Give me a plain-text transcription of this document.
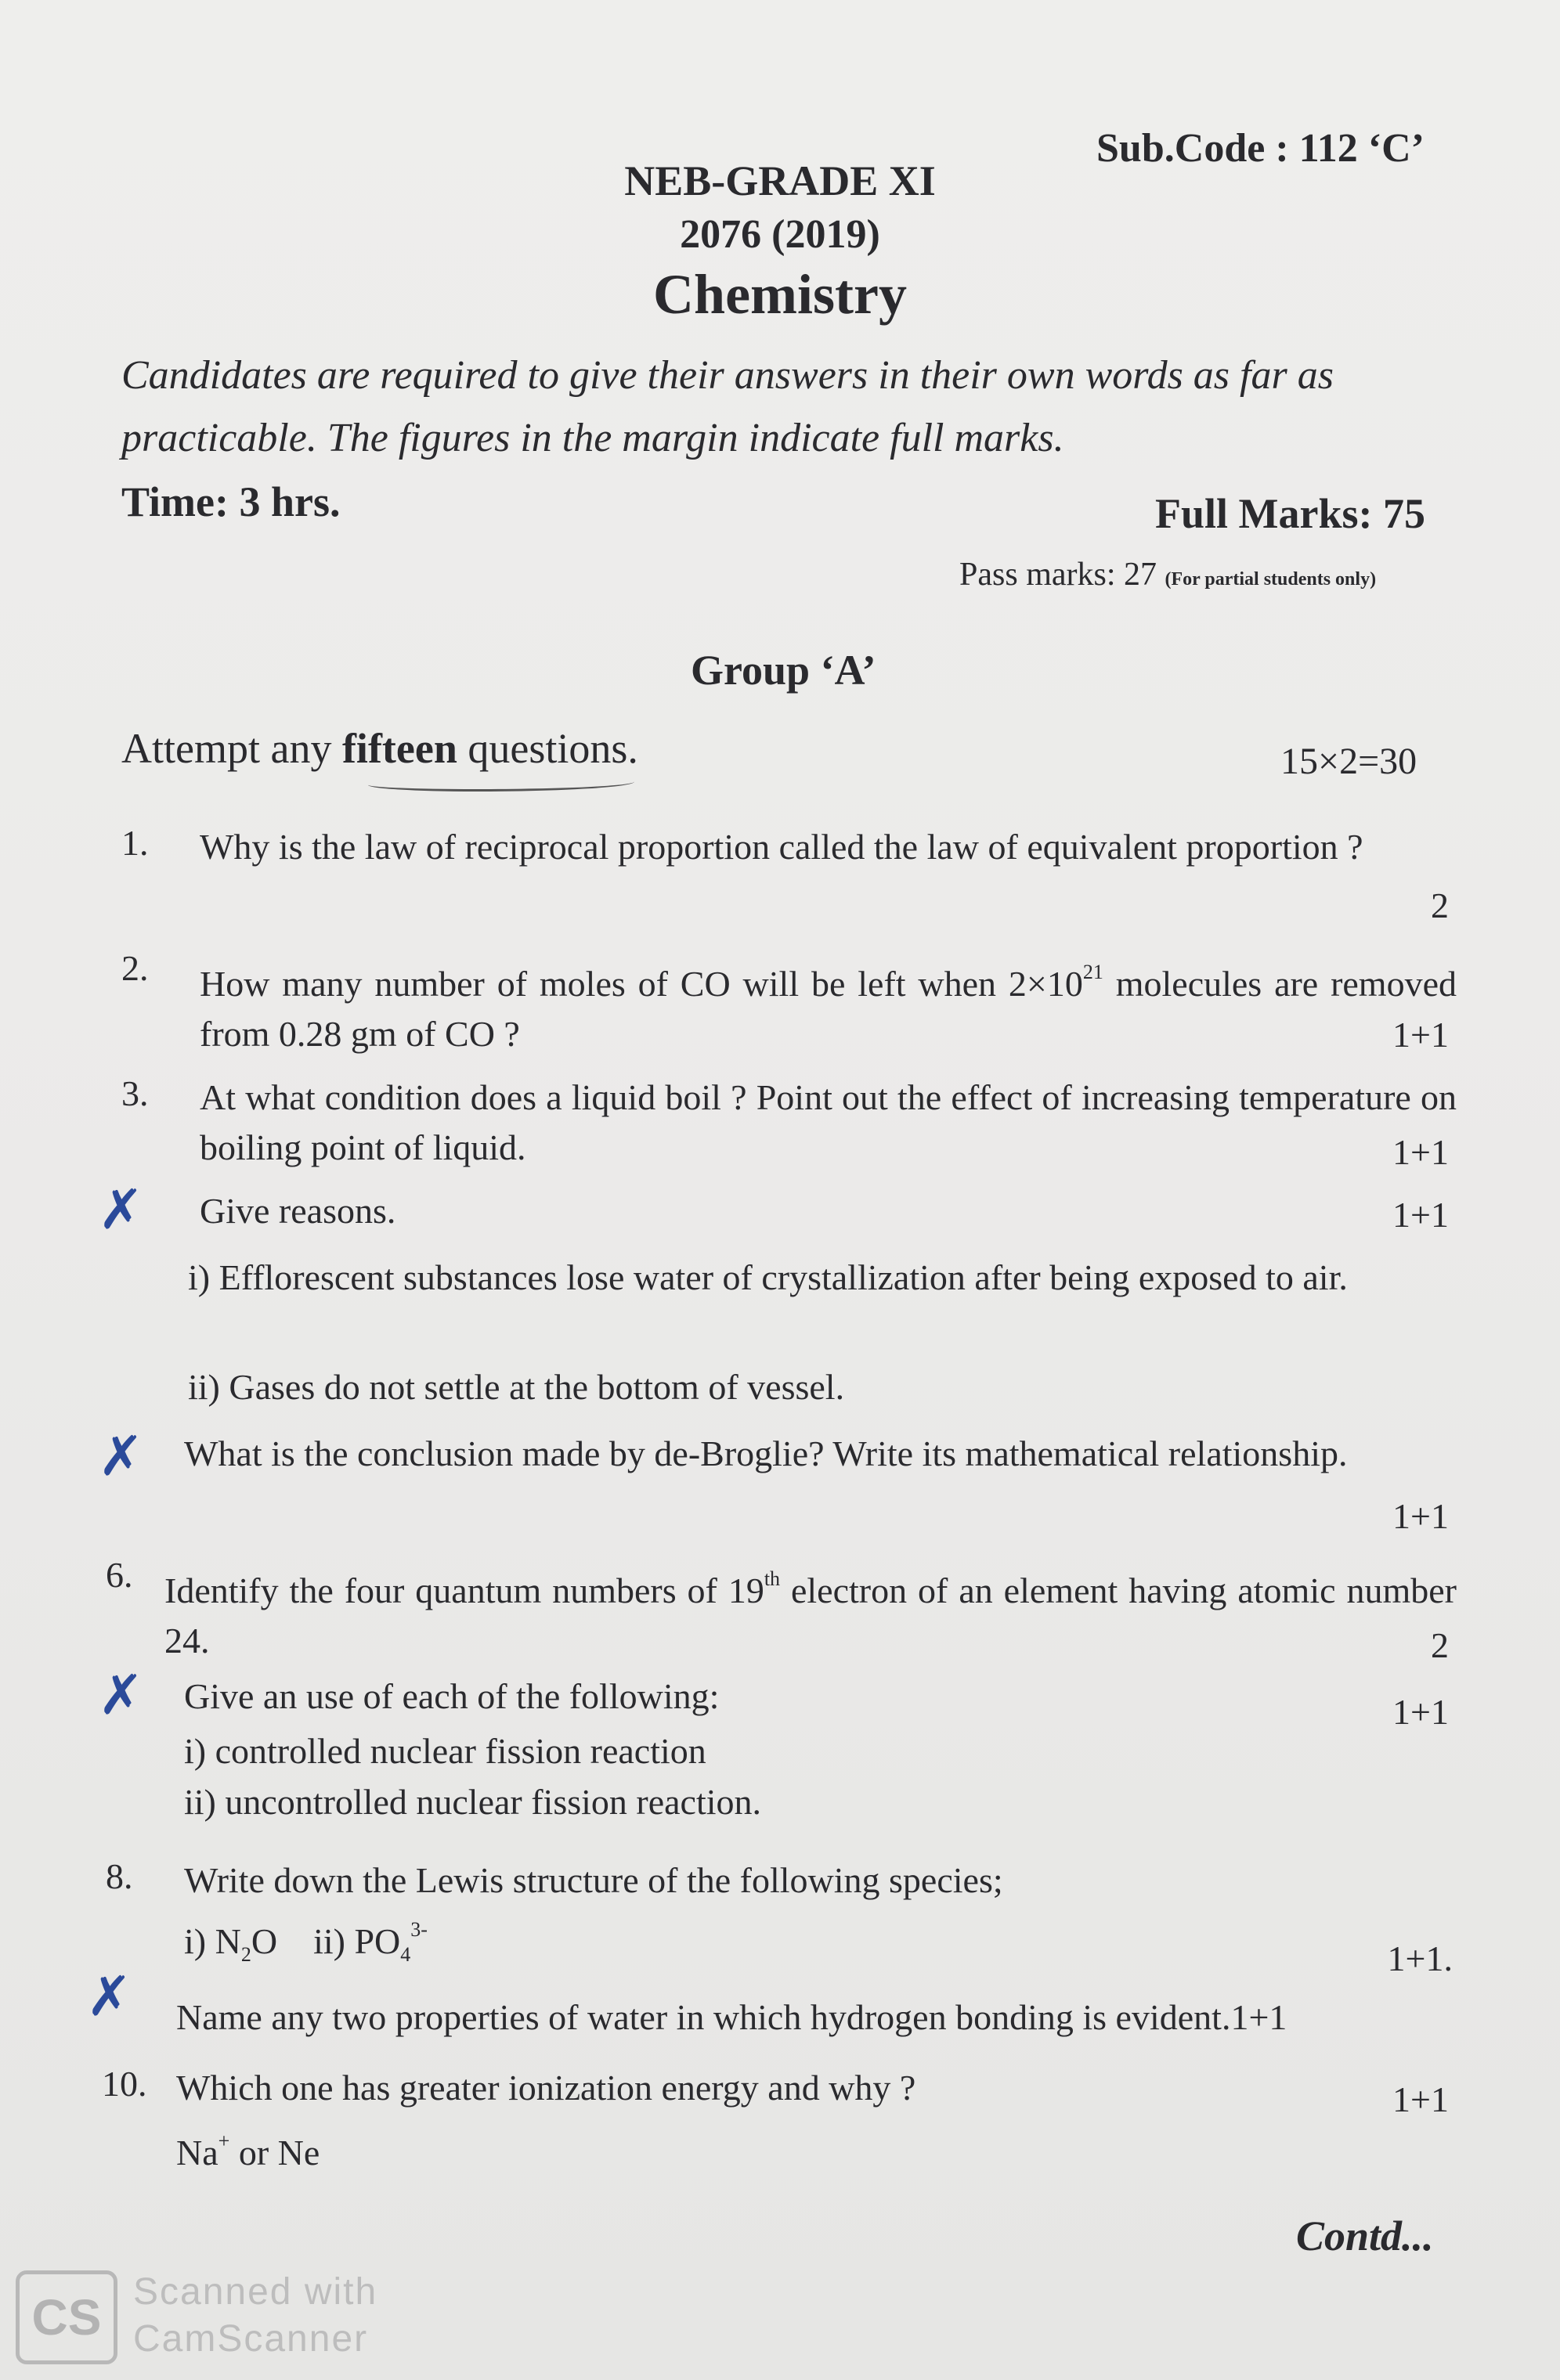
Sub.Code : 112 ‘C’
NEB-GRADE XI
2076 (2019)
Chemistry
Candidates are required to give their answers in their own words as far as practicable. The figures in the margin indicate full marks.
Time: 3 hrs.	Full Marks: 75
Pass marks: 27 (For partial students only)
Group ‘A’
Attempt any fifteen questions.	15×2=30
1. Why is the law of reciprocal proportion called the law of equivalent proportion ?
2
2. How many number of moles of CO will be left when $2\times 10^{21}$ molecules are removed from 0.28 gm of CO ?	1+1
3. At what condition does a liquid boil ? Point out the effect of increasing temperature on boiling point of liquid.	1+1
✗ Give reasons.	1+1
i) Efflorescent substances lose water of crystallization after being exposed to air.
ii) Gases do not settle at the bottom of vessel.
✗ What is the conclusion made by de-Broglie? Write its mathematical relationship.
1+1
6. Identify the four quantum numbers of 19th electron of an element having atomic number 24.	2
✗ Give an use of each of the following:	1+1
i) controlled nuclear fission reaction
ii) uncontrolled nuclear fission reaction.
8. Write down the Lewis structure of the following species;
i) $N_2O$    ii) $PO_4^{3-}$
1+1.
✗ Name any two properties of water in which hydrogen bonding is evident.1+1
10. Which one has greater ionization energy and why ?	1+1
Na+ or Ne
Contd...
CS Scanned with
CamScanner
